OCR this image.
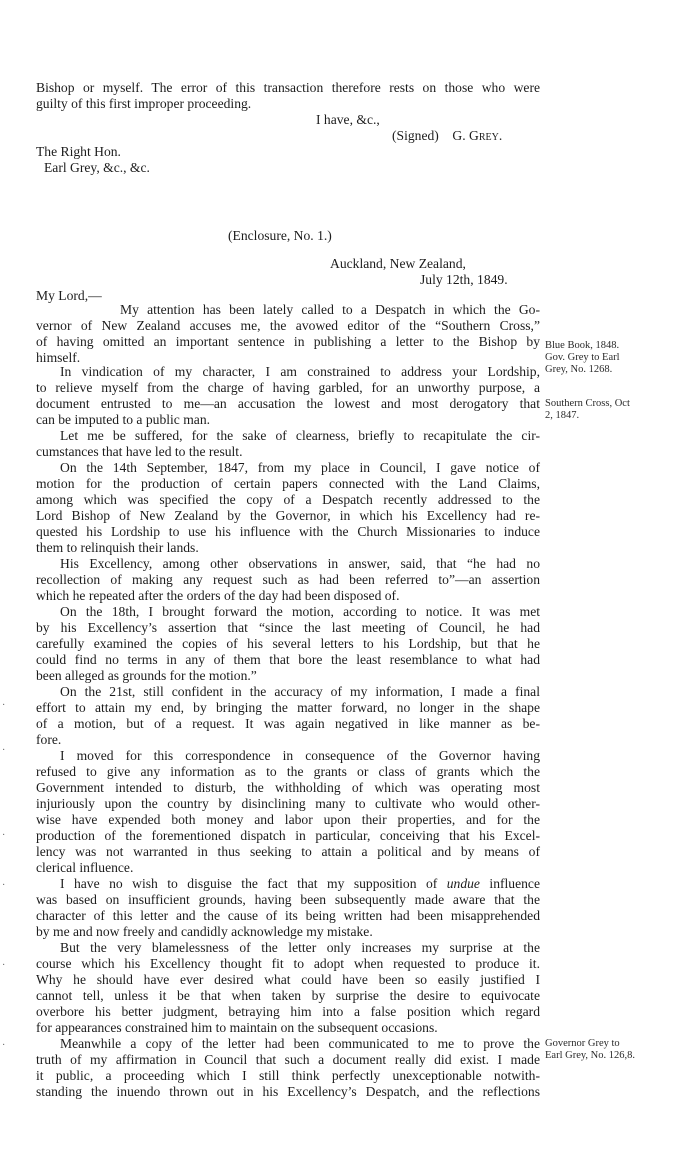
Bishop or myself. The error of this transaction therefore rests on those who were
guilty of this first improper proceeding.
I have, &c.,
(Signed) G. Grey.
The Right Hon.
Earl Grey, &c., &c.
(Enclosure, No. 1.)
Auckland, New Zealand,
July 12th, 1849.
My Lord,—
My attention has been lately called to a Despatch in which the Go-
vernor of New Zealand accuses me, the avowed editor of the “Southern Cross,”
of having omitted an important sentence in publishing a letter to the Bishop by
himself.
In vindication of my character, I am constrained to address your Lordship,
to relieve myself from the charge of having garbled, for an unworthy purpose, a
document entrusted to me—an accusation the lowest and most derogatory that
can be imputed to a public man.
Let me be suffered, for the sake of clearness, briefly to recapitulate the cir-
cumstances that have led to the result.
On the 14th September, 1847, from my place in Council, I gave notice of
motion for the production of certain papers connected with the Land Claims,
among which was specified the copy of a Despatch recently addressed to the
Lord Bishop of New Zealand by the Governor, in which his Excellency had re-
quested his Lordship to use his influence with the Church Missionaries to induce
them to relinquish their lands.
His Excellency, among other observations in answer, said, that “he had no
recollection of making any request such as had been referred to”—an assertion
which he repeated after the orders of the day had been disposed of.
On the 18th, I brought forward the motion, according to notice. It was met
by his Excellency’s assertion that “since the last meeting of Council, he had
carefully examined the copies of his several letters to his Lordship, but that he
could find no terms in any of them that bore the least resemblance to what had
been alleged as grounds for the motion.”
On the 21st, still confident in the accuracy of my information, I made a final
effort to attain my end, by bringing the matter forward, no longer in the shape
of a motion, but of a request. It was again negatived in like manner as be-
fore.
I moved for this correspondence in consequence of the Governor having
refused to give any information as to the grants or class of grants which the
Government intended to disturb, the withholding of which was operating most
injuriously upon the country by disinclining many to cultivate who would other-
wise have expended both money and labor upon their properties, and for the
production of the forementioned dispatch in particular, conceiving that his Excel-
lency was not warranted in thus seeking to attain a political and by means of
clerical influence.
I have no wish to disguise the fact that my supposition of undue influence
was based on insufficient grounds, having been subsequently made aware that the
character of this letter and the cause of its being written had been misapprehended
by me and now freely and candidly acknowledge my mistake.
But the very blamelessness of the letter only increases my surprise at the
course which his Excellency thought fit to adopt when requested to produce it.
Why he should have ever desired what could have been so easily justified I
cannot tell, unless it be that when taken by surprise the desire to equivocate
overbore his better judgment, betraying him into a false position which regard
for appearances constrained him to maintain on the subsequent occasions.
Meanwhile a copy of the letter had been communicated to me to prove the
truth of my affirmation in Council that such a document really did exist. I made
it public, a proceeding which I still think perfectly unexceptionable notwith-
standing the inuendo thrown out in his Excellency’s Despatch, and the reflections
Blue Book, 1848.
Gov. Grey to Earl
Grey, No. 1268.
Southern Cross, Oct
2, 1847.
Governor Grey to
Earl Grey, No. 126,8.
·
·
·
·
·
·
